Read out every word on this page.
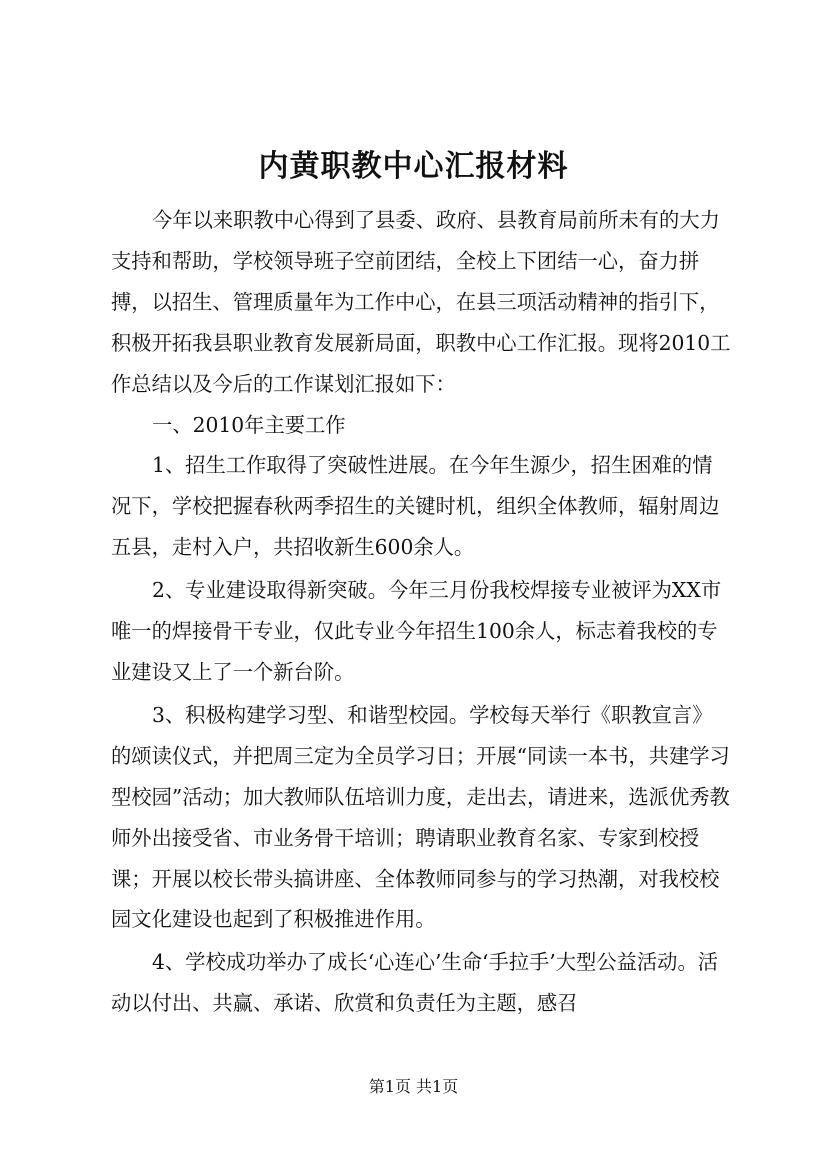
内黄职教中心汇报材料

今年以来职教中心得到了县委、政府、县教育局前所未有的大力支持和帮助，学校领导班子空前团结，全校上下团结一心，奋力拼搏，以招生、管理质量年为工作中心，在县三项活动精神的指引下，积极开拓我县职业教育发展新局面，职教中心工作汇报。现将2010工作总结以及今后的工作谋划汇报如下：

一、2010年主要工作

1、招生工作取得了突破性进展。在今年生源少，招生困难的情况下，学校把握春秋两季招生的关键时机，组织全体教师，辐射周边五县，走村入户，共招收新生600余人。

2、专业建设取得新突破。今年三月份我校焊接专业被评为XX市唯一的焊接骨干专业，仅此专业今年招生100余人，标志着我校的专业建设又上了一个新台阶。

3、积极构建学习型、和谐型校园。学校每天举行《职教宣言》的颂读仪式，并把周三定为全员学习日；开展“同读一本书，共建学习型校园”活动；加大教师队伍培训力度，走出去，请进来，选派优秀教师外出接受省、市业务骨干培训；聘请职业教育名家、专家到校授课；开展以校长带头搞讲座、全体教师同参与的学习热潮，对我校校园文化建设也起到了积极推进作用。

4、学校成功举办了成长‘心连心’生命‘手拉手’大型公益活动。活动以付出、共赢、承诺、欣赏和负责任为主题，感召

第1页 共1页
